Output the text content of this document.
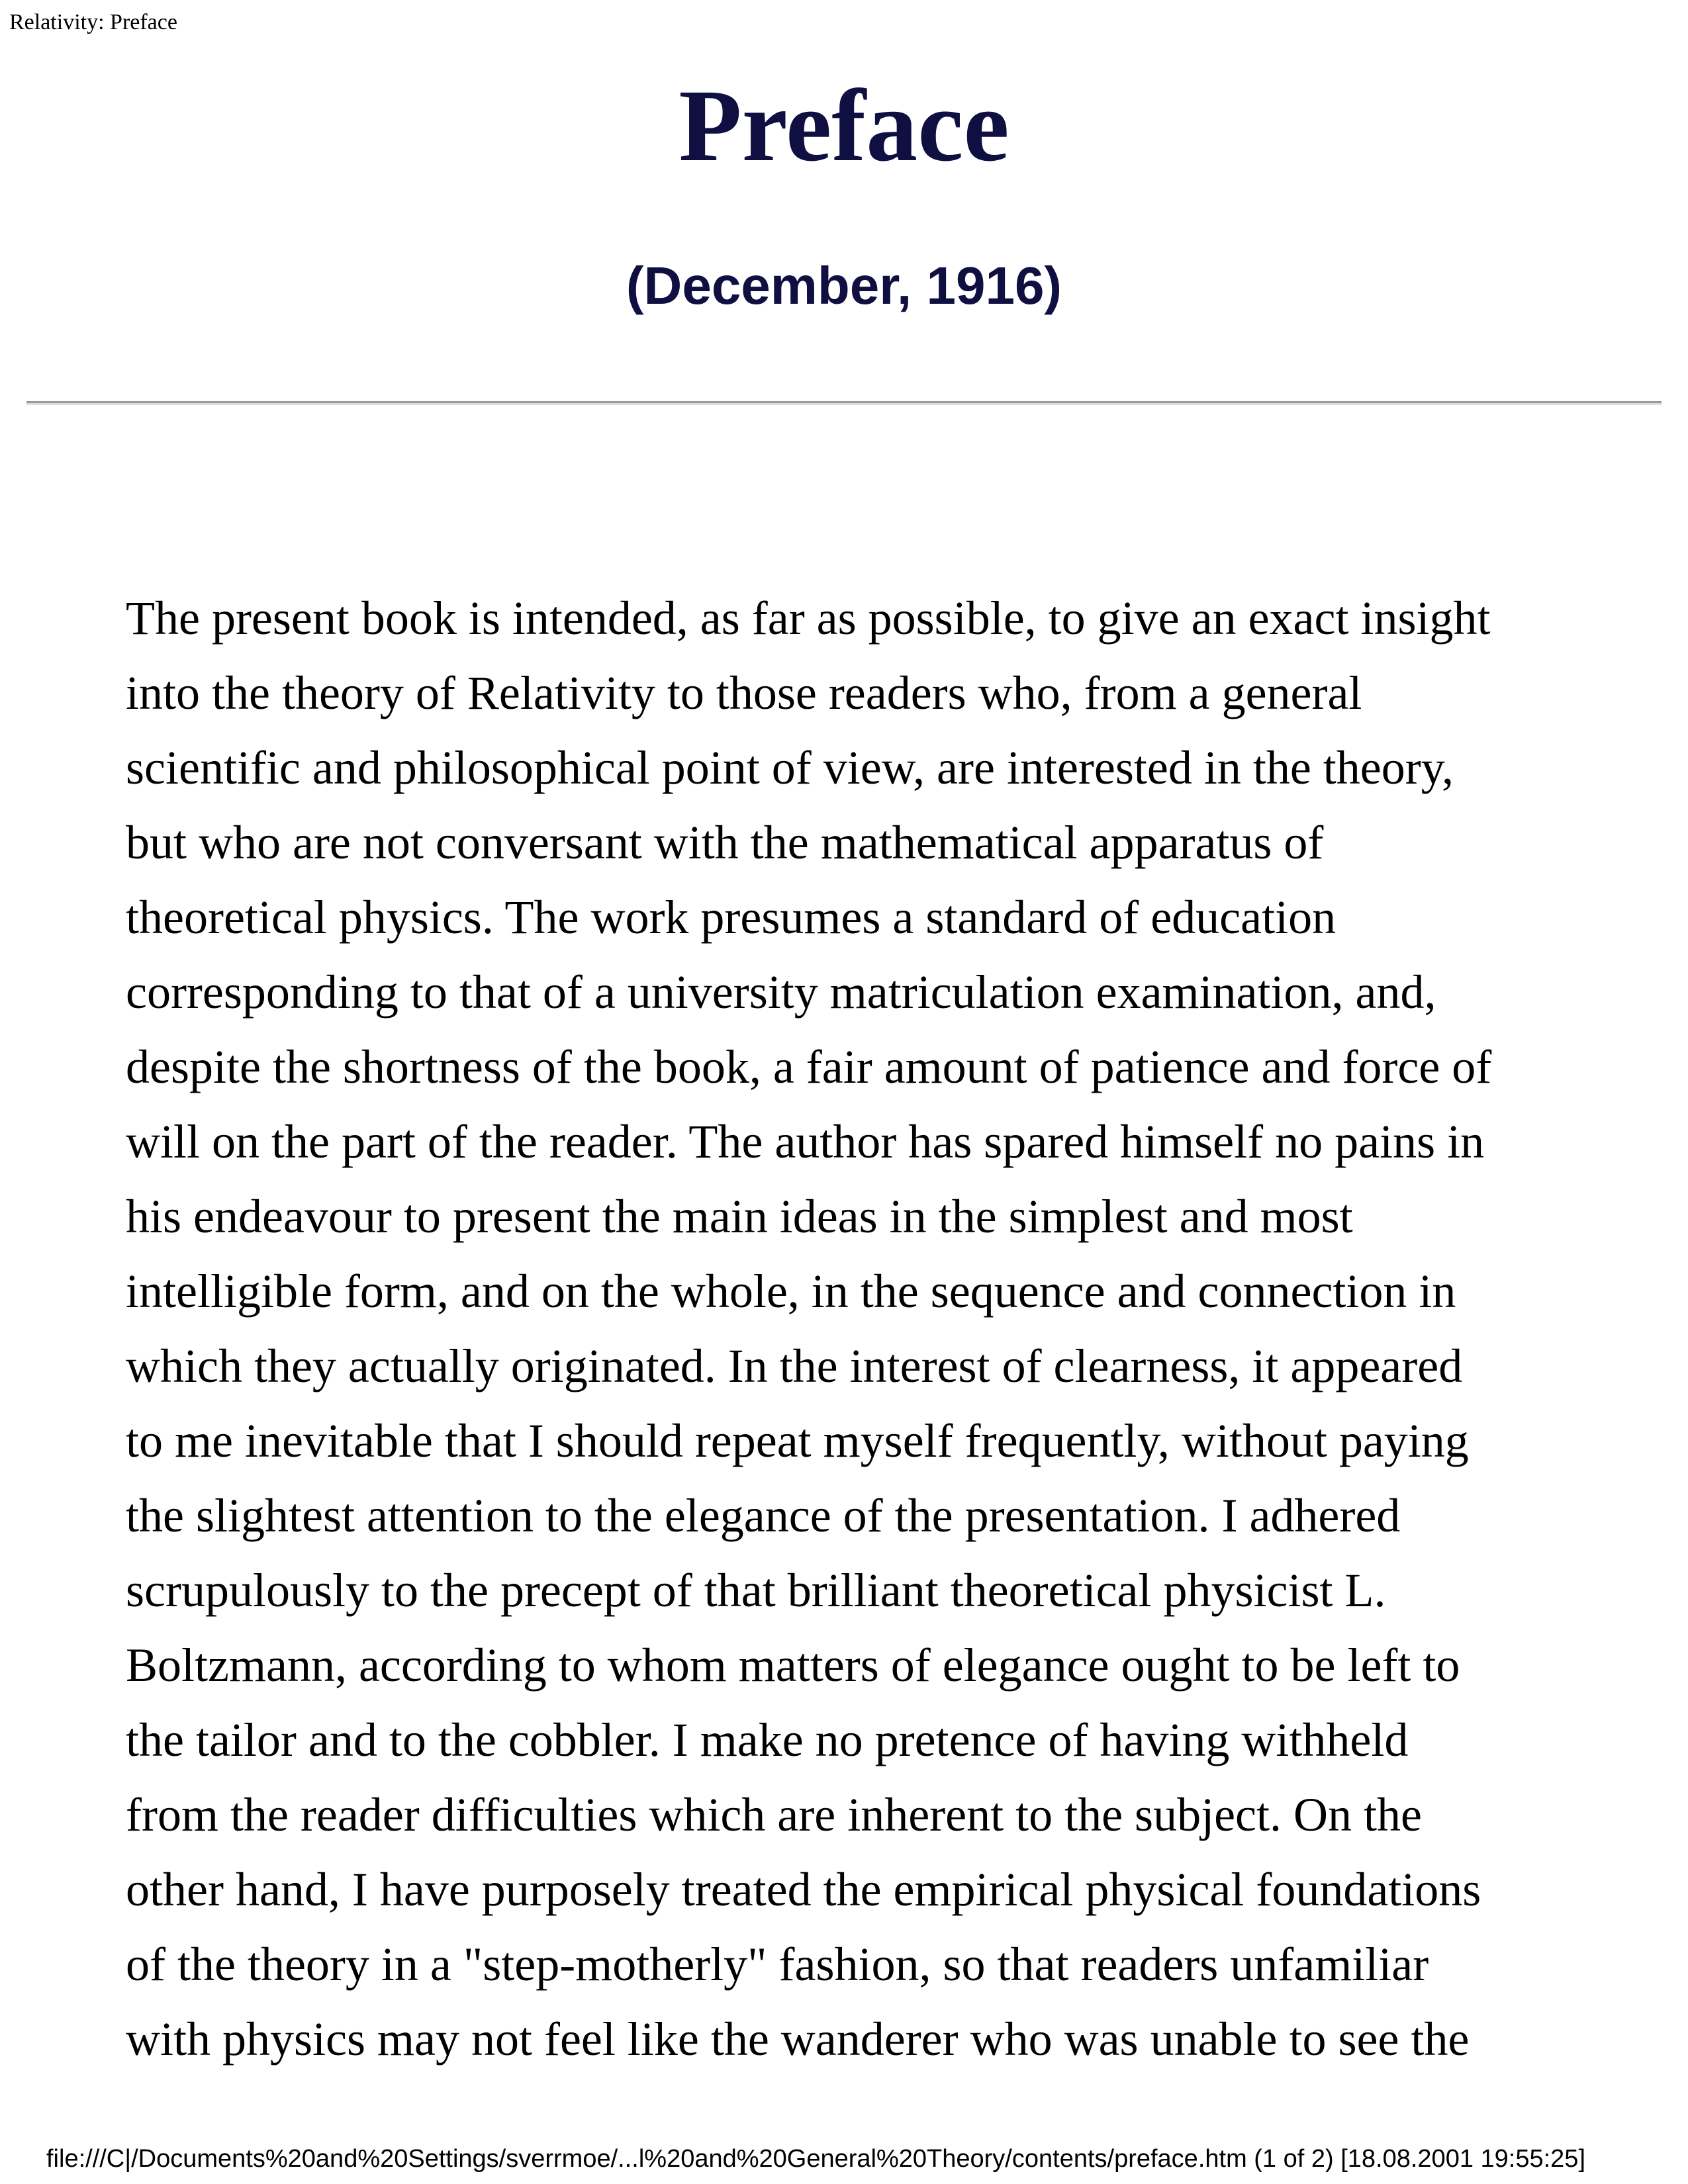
Relativity: Preface
Preface
(December, 1916)
The present book is intended, as far as possible, to give an exact insight
into the theory of Relativity to those readers who, from a general
scientific and philosophical point of view, are interested in the theory,
but who are not conversant with the mathematical apparatus of
theoretical physics. The work presumes a standard of education
corresponding to that of a university matriculation examination, and,
despite the shortness of the book, a fair amount of patience and force of
will on the part of the reader. The author has spared himself no pains in
his endeavour to present the main ideas in the simplest and most
intelligible form, and on the whole, in the sequence and connection in
which they actually originated. In the interest of clearness, it appeared
to me inevitable that I should repeat myself frequently, without paying
the slightest attention to the elegance of the presentation. I adhered
scrupulously to the precept of that brilliant theoretical physicist L.
Boltzmann, according to whom matters of elegance ought to be left to
the tailor and to the cobbler. I make no pretence of having withheld
from the reader difficulties which are inherent to the subject. On the
other hand, I have purposely treated the empirical physical foundations
of the theory in a "step-motherly" fashion, so that readers unfamiliar
with physics may not feel like the wanderer who was unable to see the
file:///C|/Documents%20and%20Settings/sverrmoe/...l%20and%20General%20Theory/contents/preface.htm (1 of 2) [18.08.2001 19:55:25]
